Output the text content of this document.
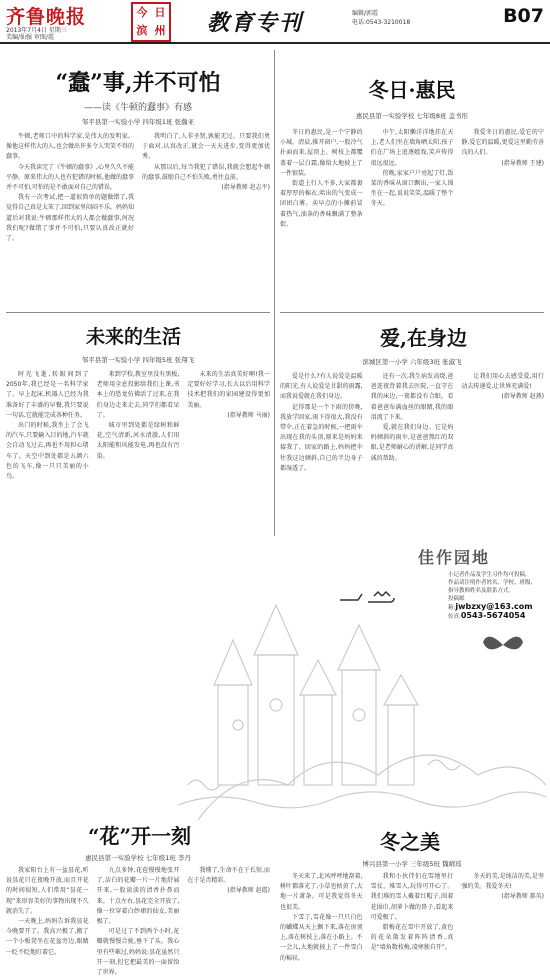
齐鲁晚报
2013年7月4日 星期三
美编/仙强 审图/霞
今 日
滨 州 教育专刊	编辑/郭霞
电话:0543-3210018	B07
“蠢”事,并不可怕
——读《牛顿的蠢事》有感
邹平县第一实验小学 四年级1班 张瀚亚

牛顿,老师口中的科学家,是伟大的发明家。像他这样伟大的人,也会做出许多令人哭笑不得的蠢事。

今天我读完了《牛顿的蠢事》,心里久久不能平静。原来伟大的人也有犯错的时候,他做的蠢事并不可怕,可怕的是不敢面对自己的错误。

我有一次考试,把一道很简单的题做错了,我觉得自己真是太笨了,回到家里闷闷不乐。妈妈知道后对我说:牛顿那样伟大的人都会做蠢事,何况我们呢?做错了事并不可怕,只要认真改正就好了。

我明白了,人非圣贤,孰能无过。只要我们勇于面对,认真改正,就会一天天进步,变得更加优秀。

从那以后,每当我犯了错误,我就会想起牛顿的蠢事,鼓励自己不怕失败,勇往直前。

(指导教师 赵志平)
冬日·惠民
惠民县第一实验学校 七年级8班 盖书彤

冬日的惠民,是一个宁静的小城。清晨,推开窗户,一股冷气扑面而来,屋顶上、树枝上都覆盖着一层白霜,像给大地披上了一件银装。

街道上行人不多,大家都裹着厚厚的棉衣,哈出的气变成一团团白雾。卖早点的小摊前冒着热气,油条的香味飘满了整条街。

中午,太阳懒洋洋地挂在天上,老人们坐在墙角晒太阳,孩子们在广场上追逐嬉戏,笑声传得很远很远。

傍晚,家家户户亮起了灯,饭菜的香味从窗口飘出,一家人围坐在一起,说说笑笑,温暖了整个冬天。

我爱冬日的惠民,爱它的宁静,爱它的温暖,更爱这里勤劳善良的人们。

(指导教师 王建)
未来的生活
邹平县第一实验小学 四年级5班 张翔飞

时光飞逝,转眼间到了2050年,我已经是一名科学家了。早上起床,机器人已经为我准备好了丰盛的早餐,我只要说一句话,它就能完成各种任务。

出门的时候,我坐上了会飞的汽车,只要输入目的地,汽车就会自动飞过去,再也不用担心堵车了。天空中到处都是五颜六色的飞车,像一只只美丽的小鸟。

来到学校,教室里没有黑板,老师用全息投影给我们上课,书本上的恐龙仿佛活了过来,在我们身边走来走去,同学们都看呆了。

城市里到处都是绿树和鲜花,空气清新,河水清澈,人们用太阳能和风能发电,再也没有污染。

未来的生活真美好啊!我一定要好好学习,长大以后用科学技术把我们的家园建设得更加美丽。

(指导教师 马丽)
爱,在身边
滨城区第一小学 六年级3班 张淑飞

爱是什么?有人说爱是温暖的阳光,有人说爱是甘甜的雨露,而我说爱就在我们身边。

记得那是一个下雨的傍晚,我放学回家,雨下得很大,我没有带伞,正在着急的时候,一把雨伞出现在我的头顶,原来是妈妈来接我了。回家的路上,妈妈把伞往我这边倾斜,自己的半边身子都湿透了。

还有一次,我生病发高烧,爸爸连夜背着我去医院,一直守在我的床边,一夜都没有合眼。看着爸爸布满血丝的眼睛,我的眼泪流了下来。

爱,就在我们身边。它是妈妈倾斜的雨伞,是爸爸熬红的双眼,是老师耐心的讲解,是同学真诚的帮助。

让我们用心去感受爱,用行动去传递爱,让世界充满爱!

(指导教师 赵燕)
佳作园地
小记者作品及学生习作均可投稿,
作品请注明作者姓名、学校、班级、
指导教师姓名及联系方式。
投稿邮箱:jwbzxy@163.com
传真:0543-5674054
“花”开一刻
惠民县第一实验学校 七年级1班 李丹

我家阳台上有一盆昙花,听说昙花只在夜晚开放,而且开花的时间很短,人们常用“昙花一现”来形容美好的事物出现不久就消失了。

一天晚上,妈妈告诉我昙花今晚要开了。我高兴极了,搬了一个小板凳坐在花盆旁边,眼睛一眨不眨地盯着它。

九点多钟,花苞慢慢地张开了,洁白的花瓣一片一片地舒展开来,一股淡淡的清香扑鼻而来。十点左右,昙花完全开放了,像一位穿着白纱裙的仙女,美丽极了。

可是过了不到两个小时,花瓣就慢慢合拢,垂下了头。我心里有些难过,妈妈说:昙花虽然只开一刻,但它把最美的一面留给了世界。

我懂了,生命不在于长短,而在于是否精彩。

(指导教师 赵霞)
冬之美
博兴县第一小学 三年级5班 魏晴瑶

冬天来了,北风呼呼地刮着,树叶都落光了,小草也枯黄了,大地一片萧条。可是我觉得冬天也很美。

下雪了,雪花像一只只白色的蝴蝶从天上飘下来,落在房顶上,落在树枝上,落在小路上。不一会儿,大地就披上了一件雪白的棉袄。

我和小伙伴们在雪地里打雪仗、堆雪人,玩得可开心了。我们堆的雪人戴着红帽子,围着花围巾,胡萝卜做的鼻子,看起来可爱极了。

腊梅花在雪中开放了,黄色的花朵散发着阵阵清香,真是“墙角数枝梅,凌寒独自开”。

冬天的美,是纯洁的美,是坚强的美。我爱冬天!

(指导教师 郝英)
